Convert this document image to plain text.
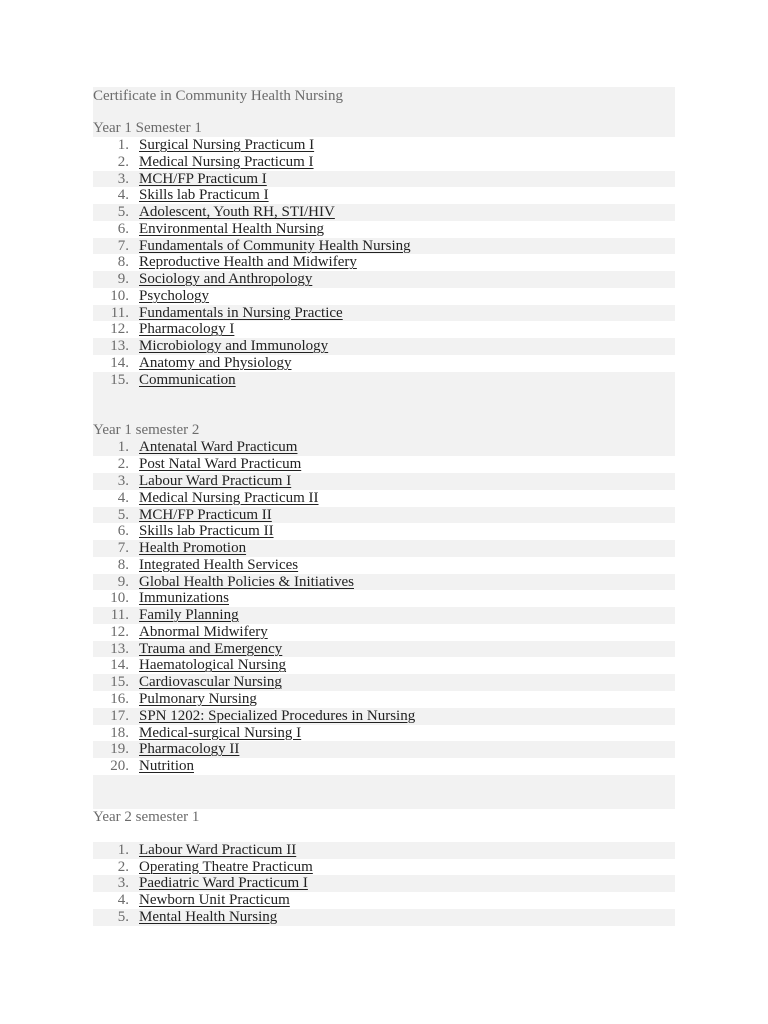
Certificate in Community Health Nursing
Year 1 Semester 1
1. Surgical Nursing Practicum I
2. Medical Nursing Practicum I
3. MCH/FP Practicum I
4. Skills lab Practicum I
5. Adolescent, Youth RH, STI/HIV
6. Environmental Health Nursing
7. Fundamentals of Community Health Nursing
8. Reproductive Health and Midwifery
9. Sociology and Anthropology
10. Psychology
11. Fundamentals in Nursing Practice
12. Pharmacology I
13. Microbiology and Immunology
14. Anatomy and Physiology
15. Communication
Year 1 semester 2
1. Antenatal Ward Practicum
2. Post Natal Ward Practicum
3. Labour Ward Practicum I
4. Medical Nursing Practicum II
5. MCH/FP Practicum II
6. Skills lab Practicum II
7. Health Promotion
8. Integrated Health Services
9. Global Health Policies & Initiatives
10. Immunizations
11. Family Planning
12. Abnormal Midwifery
13. Trauma and Emergency
14. Haematological Nursing
15. Cardiovascular Nursing
16. Pulmonary Nursing
17. SPN 1202: Specialized Procedures in Nursing
18. Medical-surgical Nursing I
19. Pharmacology II
20. Nutrition
Year 2 semester 1
1. Labour Ward Practicum II
2. Operating Theatre Practicum
3. Paediatric Ward Practicum I
4. Newborn Unit Practicum
5. Mental Health Nursing
